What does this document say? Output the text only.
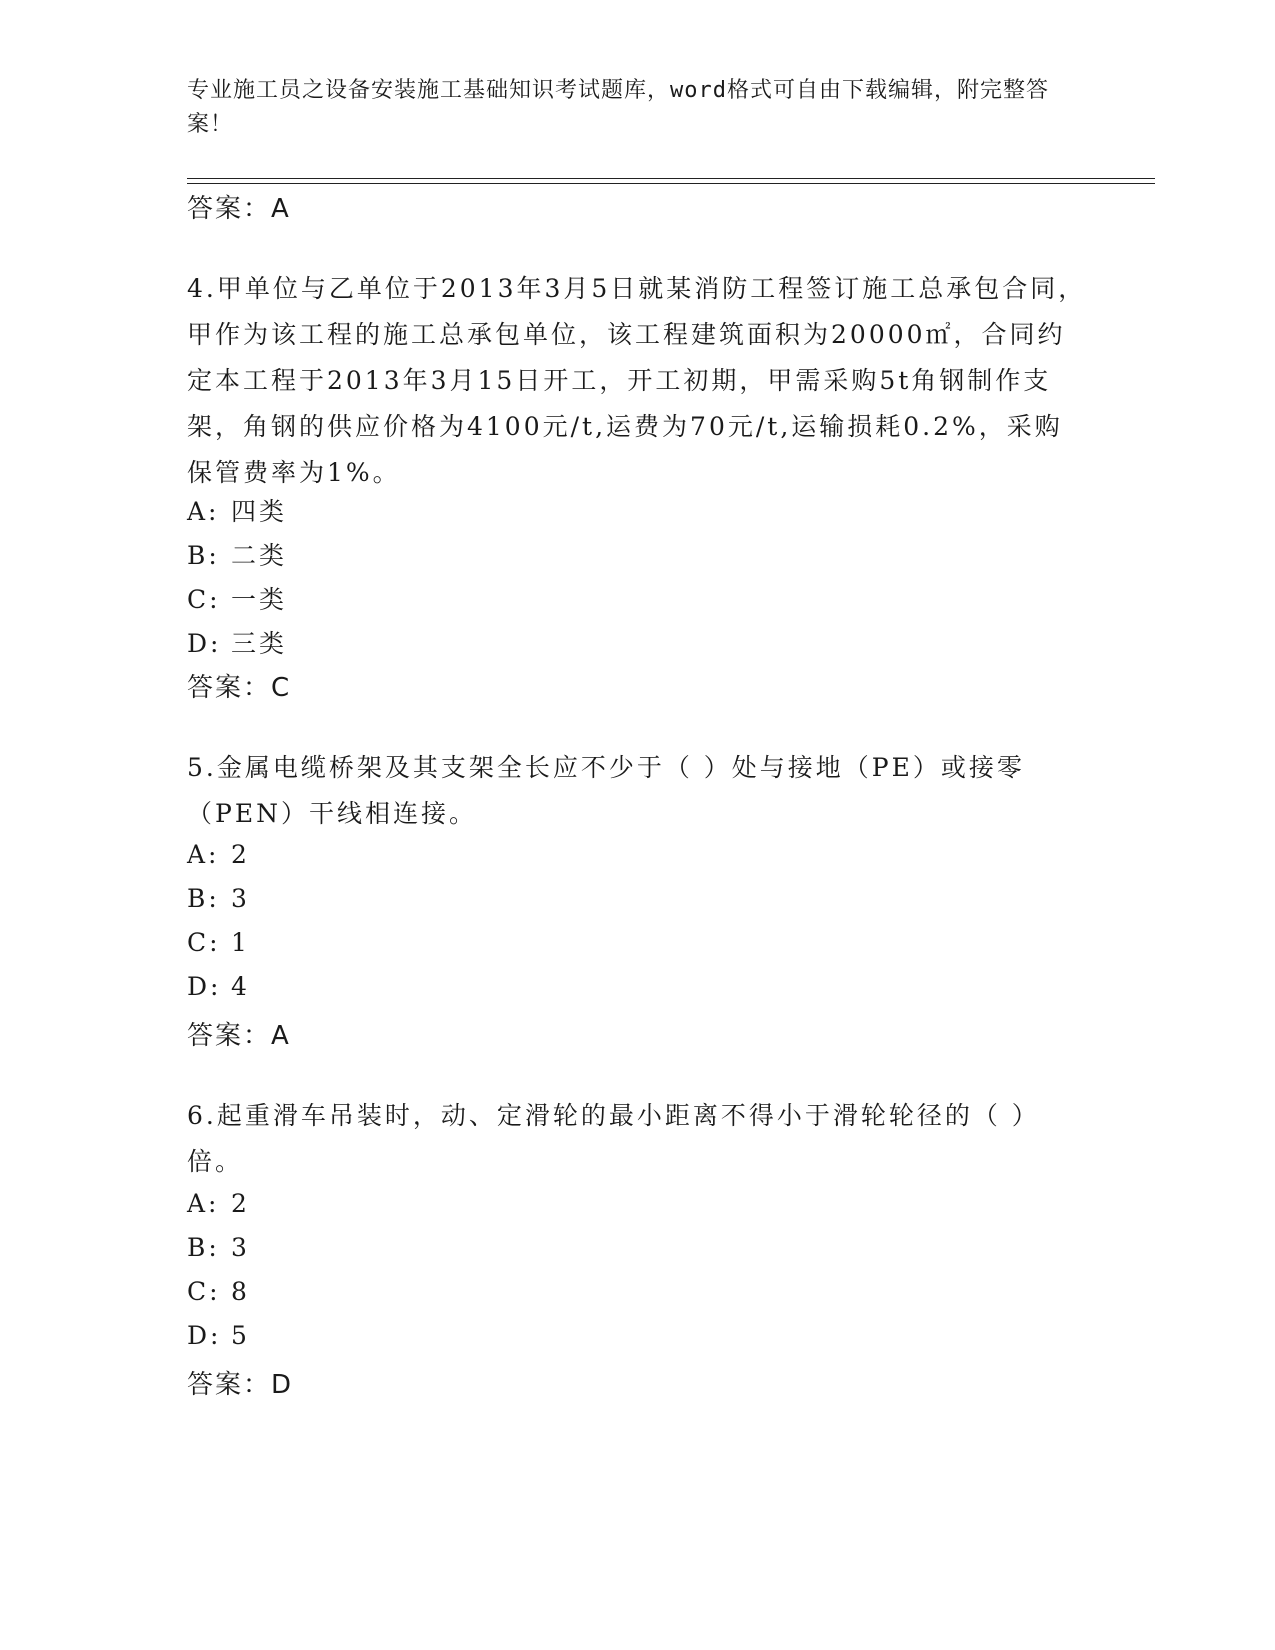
专业施工员之设备安装施工基础知识考试题库，word格式可自由下载编辑，附完整答案！
答案：A
4.甲单位与乙单位于2013年3月5日就某消防工程签订施工总承包合同，甲作为该工程的施工总承包单位，该工程建筑面积为20000㎡，合同约定本工程于2013年3月15日开工，开工初期，甲需采购5t角钢制作支架，角钢的供应价格为4100元/t,运费为70元/t,运输损耗0.2%，采购保管费率为1%。
A: 四类
B: 二类
C: 一类
D: 三类
答案：C
5.金属电缆桥架及其支架全长应不少于（ ）处与接地（PE）或接零（PEN）干线相连接。
A: 2
B: 3
C: 1
D: 4
答案：A
6.起重滑车吊装时，动、定滑轮的最小距离不得小于滑轮轮径的（ ）倍。
A: 2
B: 3
C: 8
D: 5
答案：D
